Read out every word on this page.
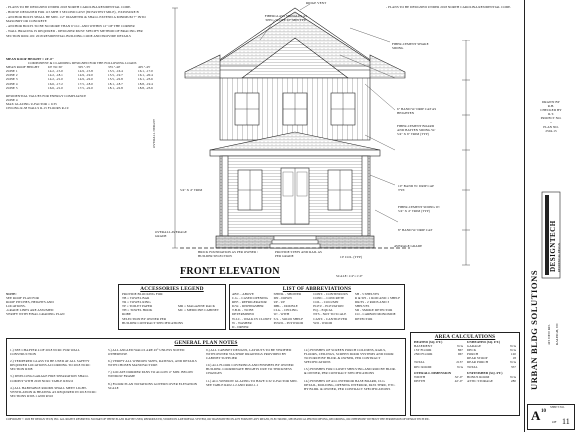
- PLANS TO BE DESIGNED UNDER 2018 NORTH CAROLINA RESIDENTIAL CODE.

- HOUSE DESIGNED FOR 115 MPH 3 SECOND GUST (89 FASTEST MILE) , EXPOSURE B

- ANCHOR BOLTS SHALL BE MIN. 1/2" DIAMETER & SHALL EXTEND A MINIMUM 7" INTO MASONRY OR CONCRETE

- ANCHOR BOLTS TO BE NO MORE THAN 6' O.C. AND WITHIN 12" OF THE CORNER

- WALL BRACING IS REQUIRED - DESIGNER MUST SPECIFY METHOD OF BRACING PER SECTION R602.10C 2018 RESIDENTIAL BUILDING CODE AND PROVIDE DETAILS

MEAN ROOF HEIGHT = 24'-0"

COMPONENT & CLADDING DESIGNED FOR THE FOLLOWING LOADS

MEAN ROOF HEIGHT	UP TO 30'	30'1"-35'	35'1"-40'	40'1"-45'
ZONE 1	14.2, -15.0	14.9, -15.8	15.5, -16.4	16.1, -17.0
ZONE 2	14.2, -18.1	14.9, -19.0	15.5, -19.7	16.1, -20.4
ZONE 3	14.2, -21.0	14.9, -22.0	15.5, -22.8	16.1, -23.6
ZONE 4	16.6, -17.2	17.5, -18.0	18.1, -18.7	18.8, -19.4
ZONE 5	16.6, -21.0	17.5, -22.0	18.1, -22.8	18.8, -23.6

RESIDENTIAL VALUES FOR ENERGY COMPLIANCE

ZONE 4

MAX GLAZING U-FACTOR = 0.35

CEILING R-38 WALLS R-15 FLOORS R-19

- PLANS TO BE DESIGNED UNDER 2018 NORTH CAROLINA RESIDENTIAL CODE.
RIDGE VENT
FIBERGLASS SHINGLES AS SPEC. SLOPE 12" MIN TYP.
FIBER-CEMENT SHAKE SIDING
6" BAND W/ DRIP CAP AS HEIGHTEN
FIBER-CEMENT BOARD AND BATTEN SIDING W/ 5/4" X 6" TRIM (TYP)
10" BAND W/ DRIP CAP TYP.
FIBER-CEMENT SIDING W/ 5/4" X 4" TRIM (TYP)
8" BAND W/ DRIP CAP
OVERALL HEIGHT
5/4" X 4" TRIM
OVERALL AVERAGE GRADE
BRICK FOUNDATION AS PER OWNER / BUILDER SELECTION
PROVIDE STEPS AND RAIL AS PER GRADE	10' COL. (TYP)
AVERAGE GRADE
FRONT ELEVATION	SCALE: 1/4"=1'-0"

NOTE:

SEE ROOF PLAN FOR

ROOF PITCHES, HEIGHTS AND

LOCATIONS.

-GRADE LINES ARE ASSUMED

VERIFY WITH FINAL GRADING PLAN

ACCESSORIES LEGEND
PROVIDE BLOCKING FOR:
TB = TOWEL BAR
TR = TOWEL RING
TP = TOILET PAPER
TH = TOWEL HOOK
ROBE

MR = MAGAZINE RACK
MC = MEDICINE CABINET

SELECTION BY OWNER PER
BUILDER CONTRACT SPECIFICATIONS
LIST OF ABBREVIATIONS
ABV. - ABOVE
C.G. - CASED OPENING
REF. - REFRIGERATOR
D.W. - DISHWASHER
T.B.D. - TO BE DETERMINED
W.I.C. - WALK IN CLOSET
W - WASHER
D - DRYER
SHWR. - SHOWER
DN - DOWN
UP - UP
DBL. - DOUBLE
CLG. - CEILING
W/ - WITH
S.S. - SOLID SHELF
PLWD. - PLYWOOD
CONT. - CONTINUOUS
CONC. - CONCRETE
COL. - COLUMN
ELEV. - ELEVATION
EQ. - EQUAL
NTS - NOT TO SCALE
CANT. - CANTILEVER
WD - WOOD
SH - 5 SHELVES
R & SH - 1 ROD AND 1 SHELF
DR/3S - 2 RODS AND 3 SHELVES
SD - SMOKE DETECTOR
CO - CARBON MONOXIDE DETECTOR

GENERAL PLAN NOTES
1.) SEE CHAPTER 4 OF 2018 NCRC FOR WALL CONSTRUCTION
2.) TEMPERED GLASS TO BE USED AT ALL SAFETY REQUIRED LOCATIONS ACCORDING TO 2018 NCRC SECTION R308
3.) DWELLING/GARAGE FIRE SEPARATION SHALL COMPLY WITH 2018 NCRC TABLE R302.6
4.) ALL HABITABLE ROOMS SHALL MEET LIGHT-VENTILATION & HEATING AS REQUIRED IN 2018 NCRC SECTIONS R303.1 AND R310
5.) ALL ANGLED WALLS ARE 45° UNLESS NOTED OTHERWISE
6.) VERIFY ALL WINDOW SIZES, RATINGS, AND DETAILS WITH CHOSEN MANUFACTURE
7.) LOCATE DORMER PANS TO ALLOW 4" MIN. BELOW WINDOW FRAME
8.) FLOOR PLAN NOTATIONS GOVERN OVER ELEVATION SCALE
9.) ALL CABINET DESIGNS, LAYOUTS TO BE VERIFIED WITH OWNER VIA SHOP DRAWINGS PROVIDED BY CABINET SUPPLIER
10.) ALL FLOOR COVERINGS AND FINISHES BY OWNER/ BUILDER. COORDINATE HEIGHTS DUE TO THICKNESS CHANGES
11.) ALL WINDOW GLAZING TO HAVE 0.32 U-FACTOR MIN. SEE TABLE R402.1.2 AND R402.1.1
12.) FINISHES OF SCREEN PORCH COLUMNS, RAILS, FLOORS, CEILINGS, SCREEN DOOR SYSTEMS AND DOOR TO PORCH BY BLDR. & OWNER, PER CONTRACT SPECIFICATIONS
13.) FINISHES FOR CLOSET SHELVING AND ROD BY BLDR. & OWNER, PER CONTRACT SPECIFICATIONS
14.) FINISHES OF ALL INTERIOR BASE BOARD, CLG DETAIL, MOLDING, OPENING INTERIOR, PASS THRU, ETC. BY BLDR. & OWNER, PER CONTRACT SPECIFICATIONS
AREA CALCULATIONS
HEATED (SQ. FT.)
BASEMENT	N/A
1ST FLOOR	867
2ND FLOOR	967

TOTAL	2137
REC ROOM	N/A
UNHEATED (SQ. FT.)
GARAGE	N/A
DECK	N/A
PORCH	120
REAR STOOP	18
REAR PORCH	N/A
TOTAL	357
OVERALL DIMENSION
WIDTH	32'-0"
DEPTH	42'-0"
UNFINISHED (SQ. FT.)
BONUS ROOM	N/A
ATTIC STORAGE	280
COPYRIGHT © 2020 BY DESIGN TECH, INC. ALL RIGHTS RESERVED. NO PART OF THESE PLANS MAY BE USED, REPRODUCED, STORED IN A RETRIEVAL SYSTEM, OR TRANSMITTED IN ANY FORM BY ANY MEANS, ELECTRONIC, MECHANICAL PHOTOCOPYING, RECORDING, OR OTHERWISE WITHOUT THE PERMISSION OF DESIGN TECH INC.

DRAWN BY

R.H.

CHECKED BY

R.T.

PROJECT NO.

--

PLAN NO.

2504-15

DESIGNTECH RESIDENTIAL DESIGN
URBAN BLDG SOLUTIONS 415 NEW RD. RALEIGH, NC
SHEET NO.
A 10
OF 11
